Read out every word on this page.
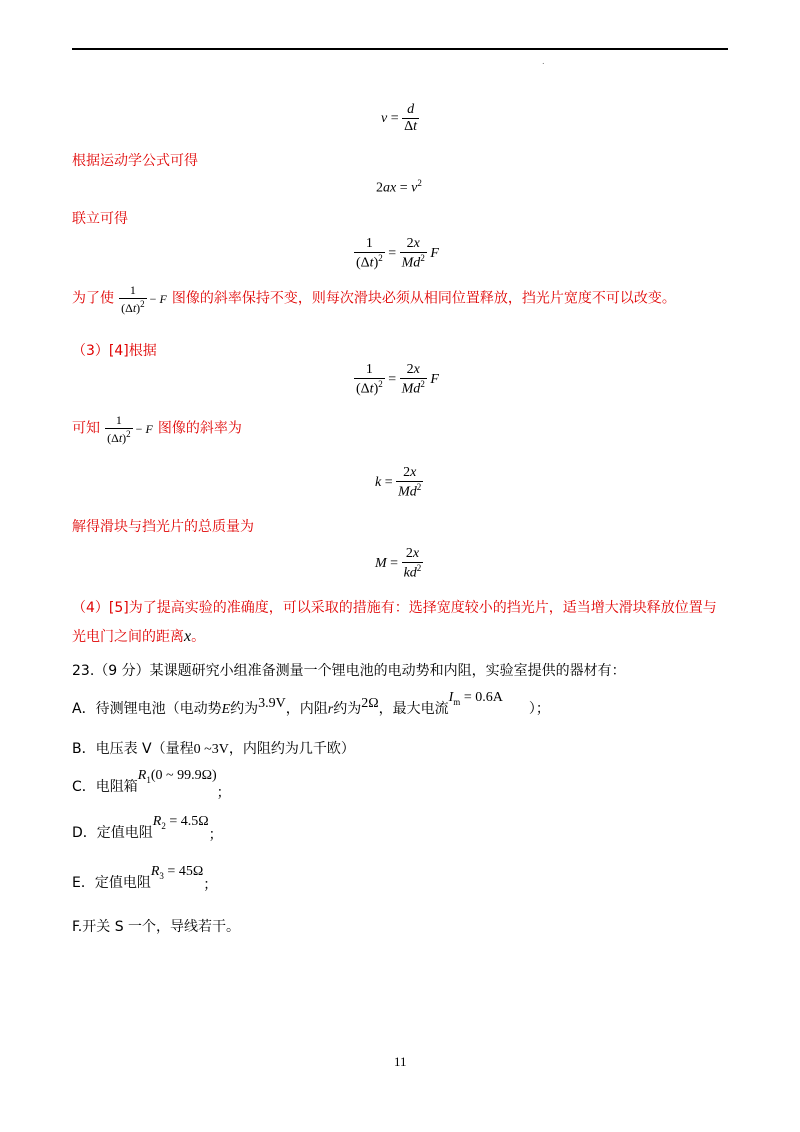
.
$v = \frac{d}{\Delta t}$
根据运动学公式可得
$2ax = v^2$
联立可得
$\frac{1}{(\Delta t)^2} = \frac{2x}{Md^2}$ F
为了使 $\frac{1}{(\Delta t)^2} - F$ 图像的斜率保持不变，则每次滑块必须从相同位置释放，挡光片宽度不可以改变。
（3）[4]根据
$\frac{1}{(\Delta t)^2} = \frac{2x}{Md^2}$ F
可知 $\frac{1}{(\Delta t)^2} - F$ 图像的斜率为
$k = \frac{2x}{Md^2}$
解得滑块与挡光片的总质量为
$M = \frac{2x}{kd^2}$
（4）[5]为了提高实验的准确度，可以采取的措施有：选择宽度较小的挡光片，适当增大滑块释放位置与
光电门之间的距离x。
23.（9 分）某课题研究小组准备测量一个锂电池的电动势和内阻，实验室提供的器材有：
A．待测锂电池（电动势E约为3.9V，内阻r约为2Ω，最大电流$I_m = 0.6A$）；
B．电压表 V（量程0 ~3V，内阻约为几千欧）
C．电阻箱$R_1(0$ ~ 99.9Ω)；
D．定值电阻$R_2 = 4.5\Omega$；
E．定值电阻$R_3 = 45\Omega$；
F.开关 S 一个，导线若干。
11
